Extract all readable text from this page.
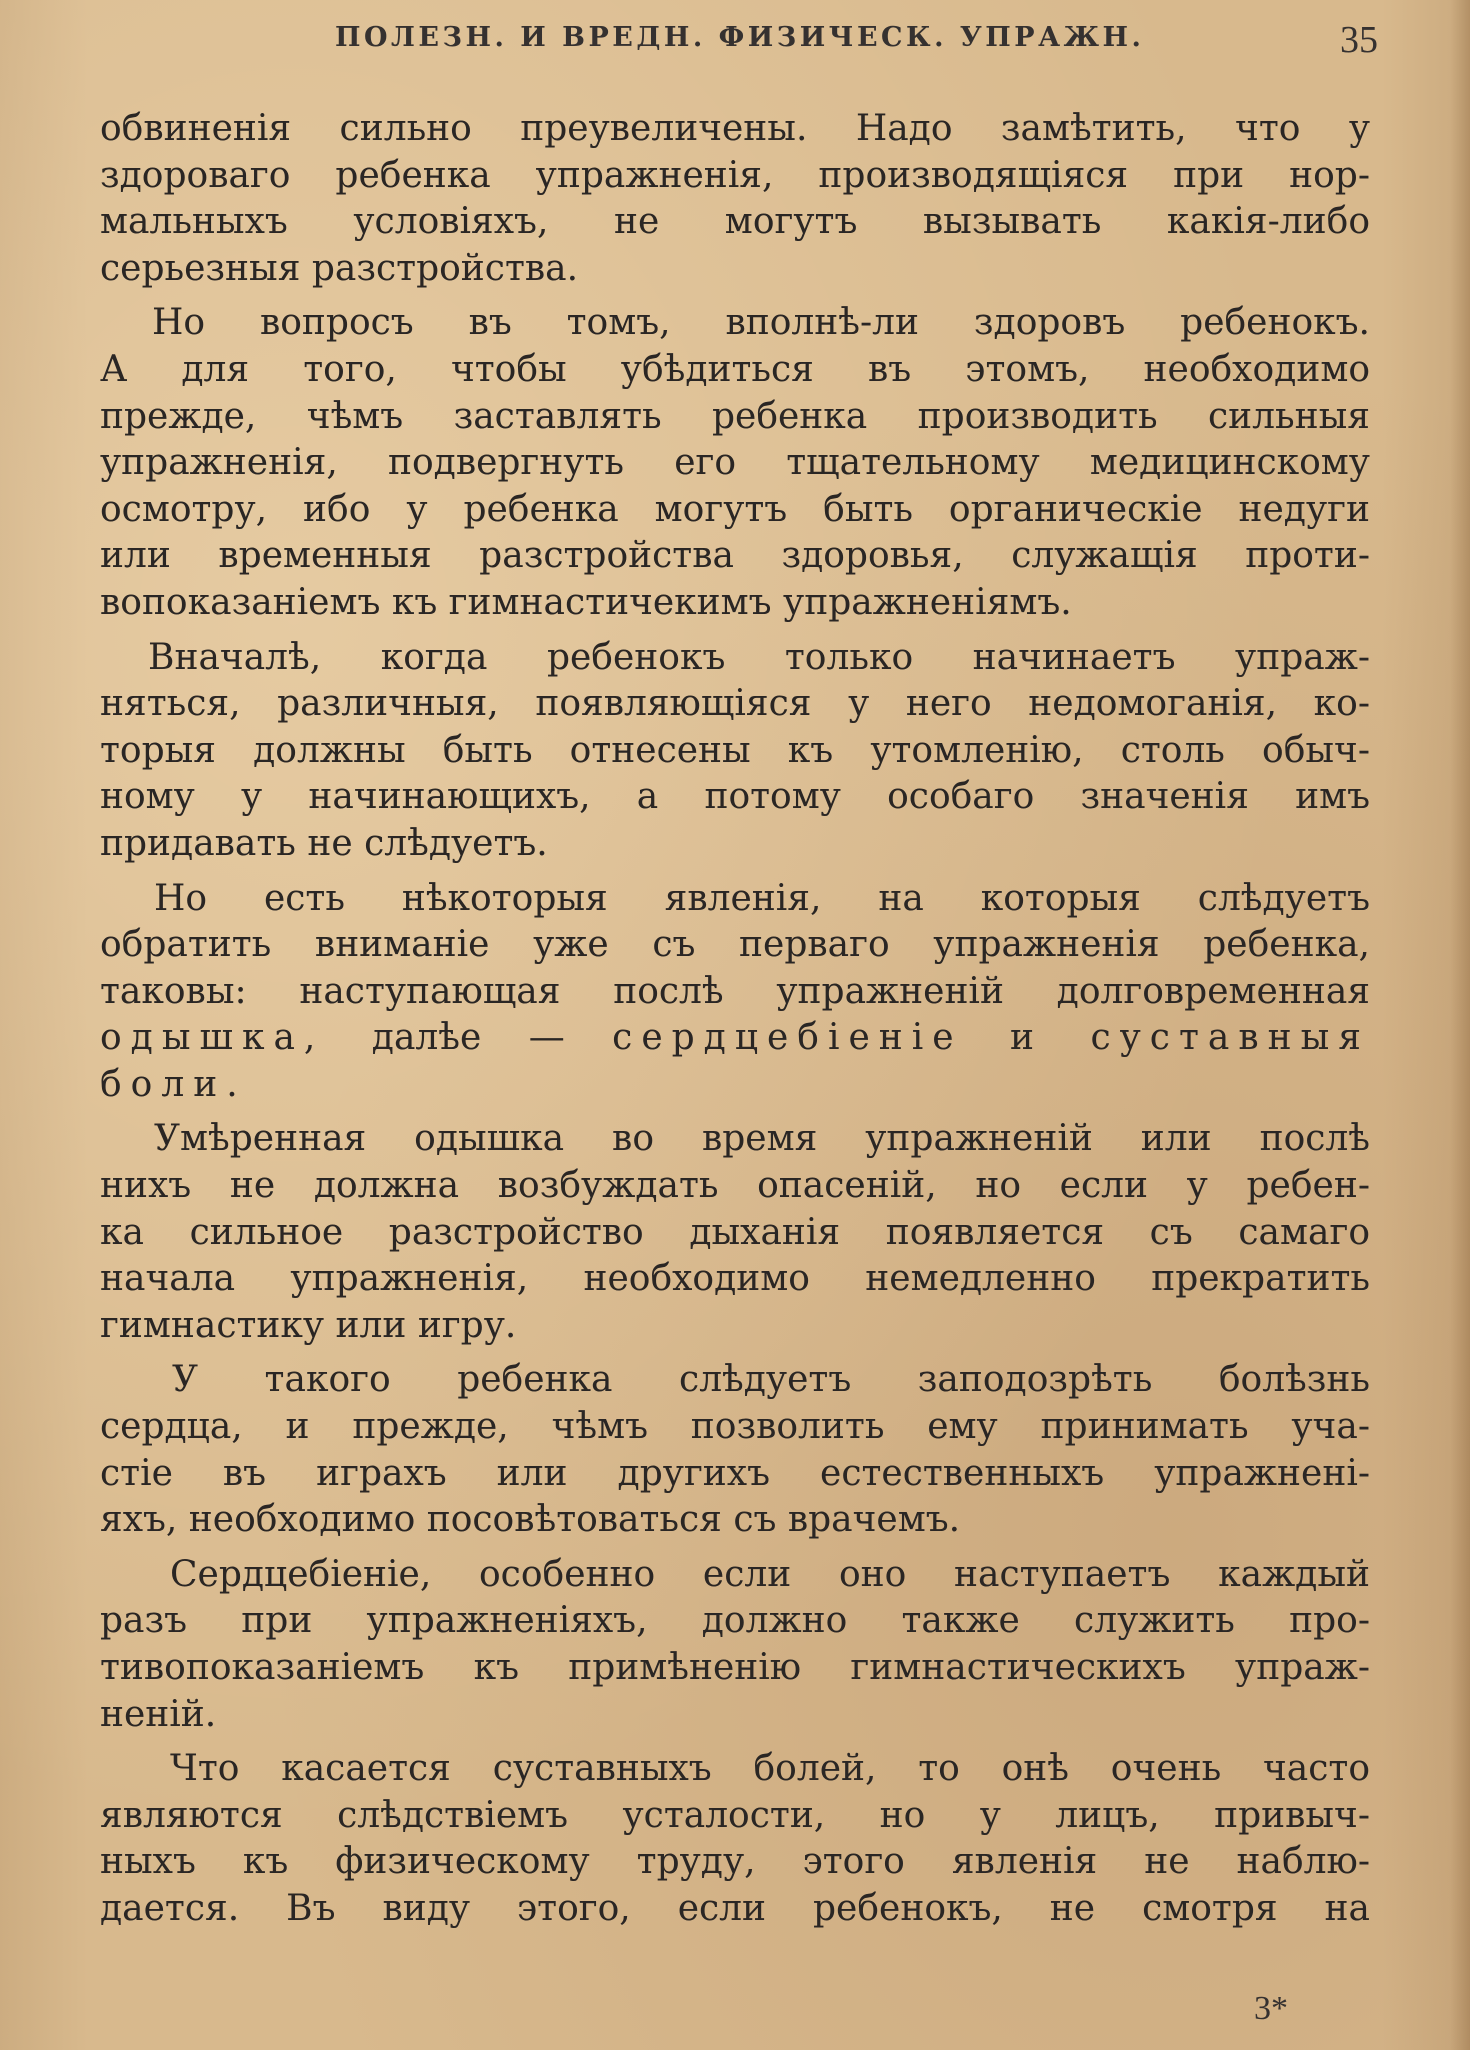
ПОЛЕЗН. И ВРЕДН. ФИЗИЧЕСК. УПРАЖН.	35
обвиненія сильно преувеличены. Надо замѣтить, что у
здороваго ребенка упражненія, производящіяся при нор-
мальныхъ условіяхъ, не могутъ вызывать какія-либо
серьезныя разстройства.
Но вопросъ въ томъ, вполнѣ-ли здоровъ ребенокъ.
А для того, чтобы убѣдиться въ этомъ, необходимо
прежде, чѣмъ заставлять ребенка производить сильныя
упражненія, подвергнуть его тщательному медицинскому
осмотру, ибо у ребенка могутъ быть органическіе недуги
или временныя разстройства здоровья, служащія проти-
вопоказаніемъ къ гимнастичекимъ упражненіямъ.
Вначалѣ, когда ребенокъ только начинаетъ упраж-
няться, различныя, появляющіяся у него недомоганія, ко-
торыя должны быть отнесены къ утомленію, столь обыч-
ному у начинающихъ, а потому особаго значенія имъ
придавать не слѣдуетъ.
Но есть нѣкоторыя явленія, на которыя слѣдуетъ
обратить вниманіе уже съ перваго упражненія ребенка,
таковы: наступающая послѣ упражненій долговременная
одышка, далѣе — сердцебіеніе и суставныя
боли.
Умѣренная одышка во время упражненій или послѣ
нихъ не должна возбуждать опасеній, но если у ребен-
ка сильное разстройство дыханія появляется съ самаго
начала упражненія, необходимо немедленно прекратить
гимнастику или игру.
У такого ребенка слѣдуетъ заподозрѣть болѣзнь
сердца, и прежде, чѣмъ позволить ему принимать уча-
стіе въ играхъ или другихъ естественныхъ упражненi-
яхъ, необходимо посовѣтоваться съ врачемъ.
Сердцебіеніе, особенно если оно наступаетъ каждый
разъ при упражненіяхъ, должно также служить про-
тивопоказаніемъ къ примѣненію гимнастическихъ упраж-
неній.
Что касается суставныхъ болей, то онѣ очень часто
являются слѣдствіемъ усталости, но у лицъ, привыч-
ныхъ къ физическому труду, этого явленія не наблю-
дается. Въ виду этого, если ребенокъ, не смотря на
3*
